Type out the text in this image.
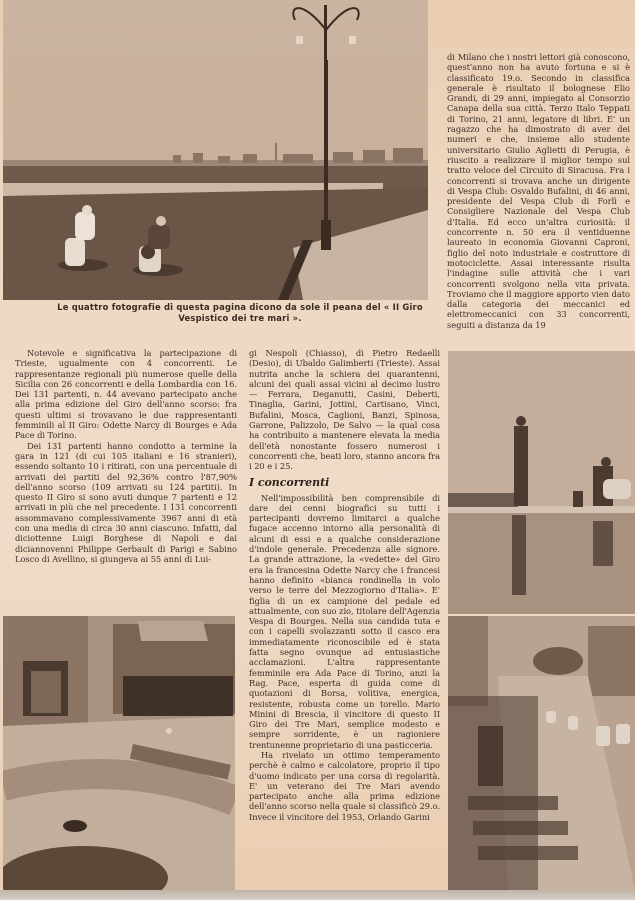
Le quattro fotografie di questa pagina dicono da sole il peana del « II Giro
Vespistico dei tre mari ».

di Milano che i nostri lettori già conoscono, quest'anno non ha avuto fortuna e si è classificato 19.o. Secondo in classifica generale è risultato il bolognese Elio Grandi, di 29 anni, impiegato al Consorzio Canapa della sua città. Terzo Italo Teppati di Torino, 21 anni, legatore di libri. E' un ragazzo che ha dimostrato di aver dei numeri e che, insieme allo studente universitario Giulio Aglietti di Perugia, è riuscito a realizzare il miglior tempo sul tratto veloce del Circuito di Siracusa. Fra i concorrenti si trovava anche un dirigente di Vespa Club: Osvaldo Bufalini, di 46 anni, presidente del Vespa Club di Forlì e Consigliere Nazionale del Vespa Club d'Italia. Ed ecco un'altra curiosità: il concorrente n. 50 era il ventiduenne laureato in economia Giovanni Caproni, figlio del noto industriale e costruttore di motociclette. Assai interessante risulta l'indagine sulle attività che i vari concorrenti svolgono nella vita privata. Troviamo che il maggiore apporto vien dato dalla categoria dei meccanici ed elettromeccanici con 33 concorrenti, seguiti a distanza da 19

Notevole e significativa la partecipazione di Trieste, ugualmente con 4 concorrenti. Le rappresentanze regionali più numerose quelle della Sicilia con 26 concorrenti e della Lombardia con 16. Dei 131 partenti, n. 44 avevano partecipato anche alla prima edizione del Giro dell'anno scorso: fra questi ultimi si trovavano le due rappresentanti femminili al II Giro: Odette Narcy di Bourges e Ada Pace di Torino.

Dei 131 partenti hanno condotto a termine la gara in 121 (di cui 105 italiani e 16 stranieri), essendo soltanto 10 i ritirati, con una percentuale di arrivati dei partiti del 92,36% contro l'87,90% dell'anno scorso (109 arrivati su 124 partiti). In questo II Giro si sono avuti dunque 7 partenti e 12 arrivati in più che nel precedente. I 131 concorrenti assommavano complessivamente 3967 anni di età con una media di circa 30 anni ciascuno. Infatti, dal diciottenne Luigi Borghese di Napoli e dai diciannovenni Philippe Gerbault di Parigi e Sabino Losco di Avellino, si giungeva ai 55 anni di Lui-

gi Nespoli (Chiasso), di Pietro Redaelli (Desio), di Ubaldo Galimberti (Trieste). Assai nutrita anche la schiera dei quarantenni, alcuni dei quali assai vicini al decimo lustro — Ferrara, Deganutti, Casini, Deberti, Tinaglia, Garini, Jottini, Cartisano, Vinci, Bufalini, Mosca, Caglioni, Banzi, Spinosa, Garrone, Palizzolo, De Salvo — la qual cosa ha contribuito a mantenere elevata la media dell'età nonostante fossero numerosi i concorrenti che, beati loro, stanno ancora fra i 20 e i 25.

I concorrenti

Nell'impossibilità ben comprensibile di dare dei cenni biografici su tutti i partecipanti dovremo limitarci a qualche fugace accenno intorno alla personalità di alcuni di essi e a qualche considerazione d'indole generale. Precedenza alle signore. La grande attrazione, la «vedette» del Giro era la francesina Odette Narcy che i francesi hanno definito «bianca rondinella in volo verso le terre del Mezzogiorno d'Italia». E' figlia di un ex campione del pedale ed attualmente, con suo zio, titolare dell'Agenzia Vespa di Bourges. Nella sua candida tuta e con i capelli svolazzanti sotto il casco era immediatamente riconoscibile ed è stata fatta segno ovunque ad entusiastiche acclamazioni. L'altra rappresentante femminile era Ada Pace di Torino, anzi la Rag. Pace, esperta di guida come di quotazioni di Borsa, volitiva, energica, resistente, robusta come un torello. Mario Minini di Brescia, il vincitore di questo II Giro dei Tre Mari, semplice modesto e sempre sorridente, è un ragioniere trentunenne proprietario di una pasticceria.

Ha rivelato un ottimo temperamento perchè è calmo e calcolatore, proprio il tipo d'uomo indicato per una corsa di regolarità. E' un veterano dei Tre Mari avendo partecipato anche alla prima edizione dell'anno scorso nella quale si classificò 29.o. Invece il vincitore del 1953, Orlando Garini
